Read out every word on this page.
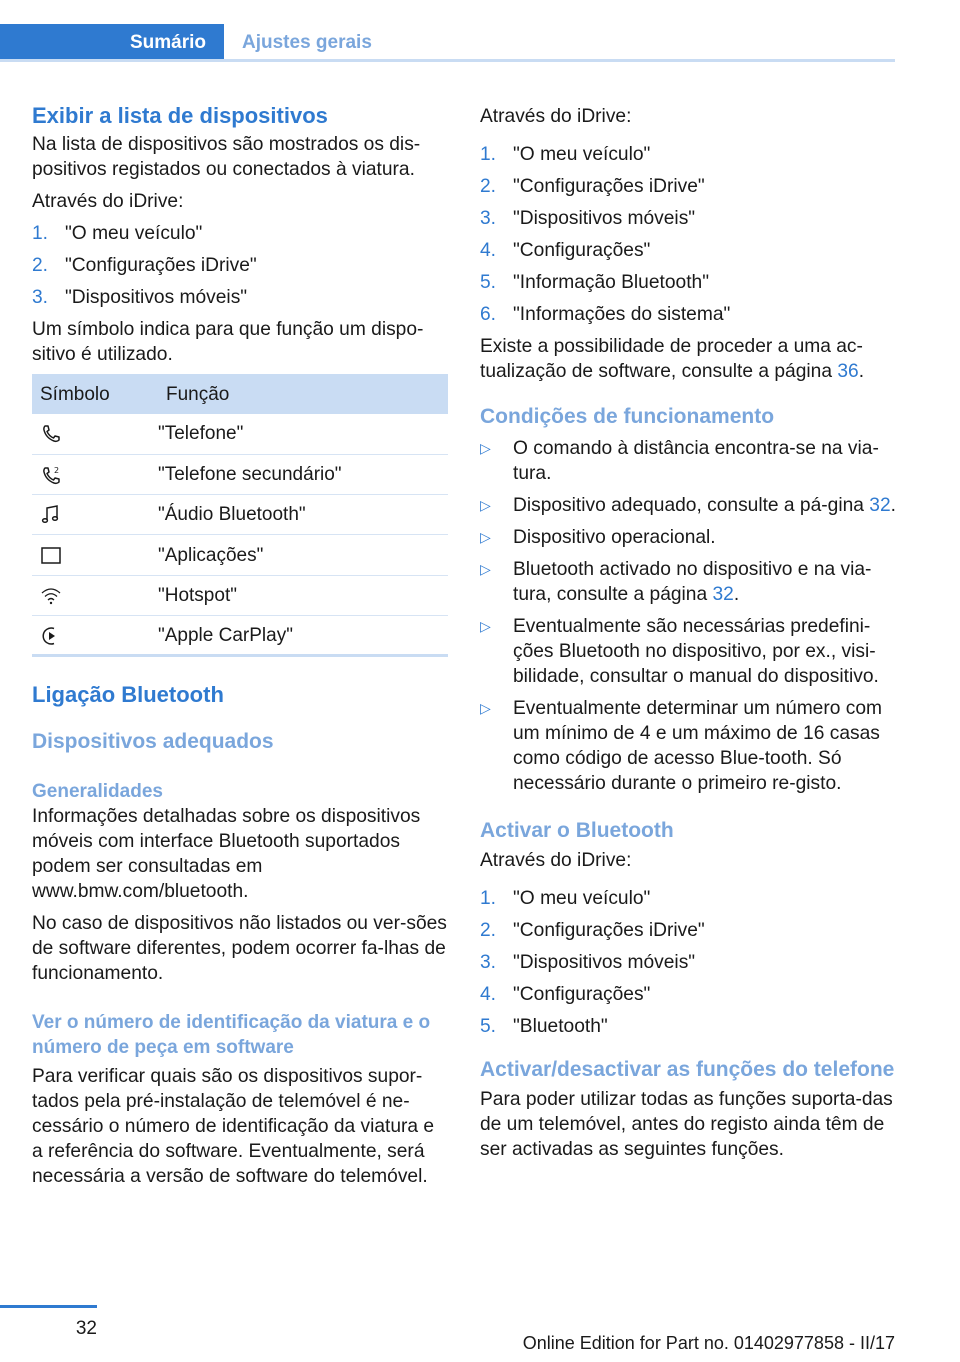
Sumário	Ajustes gerais
Exibir a lista de dispositivos

Na lista de dispositivos são mostrados os dis-positivos registados ou conectados à viatura.

Através do iDrive:

1. "O meu veículo"
2. "Configurações iDrive"
3. "Dispositivos móveis"

Um símbolo indica para que função um dispo-sitivo é utilizado.

Símbolo	Função
	"Telefone"

2	"Telefone secundário"
	"Áudio Bluetooth"
	"Aplicações"
	"Hotspot"
	"Apple CarPlay"
Ligação Bluetooth
Dispositivos adequados
Generalidades

Informações detalhadas sobre os dispositivos móveis com interface Bluetooth suportados podem ser consultadas em www.bmw.com/bluetooth.

No caso de dispositivos não listados ou ver-sões de software diferentes, podem ocorrer fa-lhas de funcionamento.

Ver o número de identificação da viatura e o número de peça em software

Para verificar quais são os dispositivos supor-tados pela pré-instalação de telemóvel é ne-cessário o número de identificação da viatura e a referência do software. Eventualmente, será necessária a versão de software do telemóvel.

Através do iDrive:

1. "O meu veículo"
2. "Configurações iDrive"
3. "Dispositivos móveis"
4. "Configurações"
5. "Informação Bluetooth"
6. "Informações do sistema"

Existe a possibilidade de proceder a uma ac-tualização de software, consulte a página 36.

Condições de funcionamento
▷	O comando à distância encontra-se na via-tura.
▷	Dispositivo adequado, consulte a pá-gina 32.
▷	Dispositivo operacional.
▷	Bluetooth activado no dispositivo e na via-tura, consulte a página 32.
▷	Eventualmente são necessárias predefini-ções Bluetooth no dispositivo, por ex., visi-bilidade, consultar o manual do dispositivo.
▷	Eventualmente determinar um número com um mínimo de 4 e um máximo de 16 casas como código de acesso Blue-tooth. Só necessário durante o primeiro re-gisto.
Activar o Bluetooth

Através do iDrive:

1. "O meu veículo"
2. "Configurações iDrive"
3. "Dispositivos móveis"
4. "Configurações"
5. "Bluetooth"
Activar/desactivar as funções do telefone

Para poder utilizar todas as funções suporta-das de um telemóvel, antes do registo ainda têm de ser activadas as seguintes funções.

32
Online Edition for Part no. 01402977858 - II/17
